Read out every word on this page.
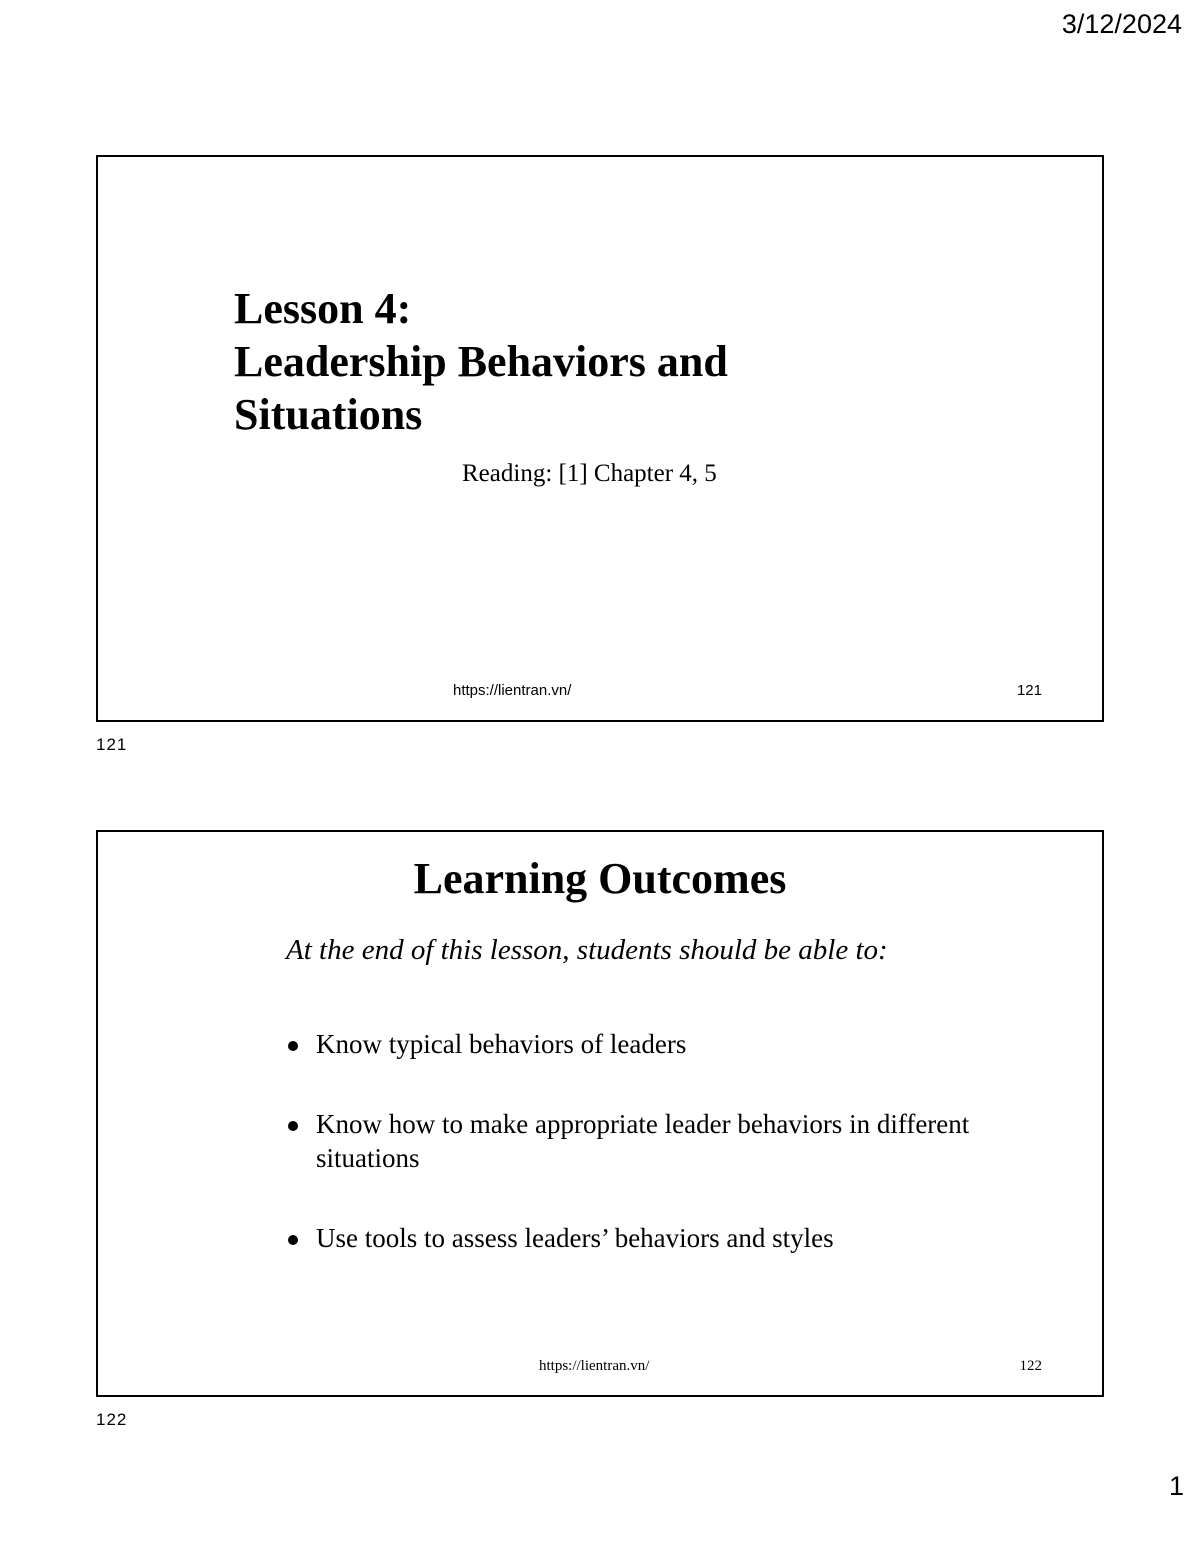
3/12/2024
Lesson 4:
Leadership Behaviors and
Situations
Reading: [1] Chapter 4, 5
https://lientran.vn/	121
121
Learning Outcomes
At the end of this lesson, students should be able to:
Know typical behaviors of leaders
Know how to make appropriate leader behaviors in different situations
Use tools to assess leaders’ behaviors and styles
https://lientran.vn/	122
122
1
